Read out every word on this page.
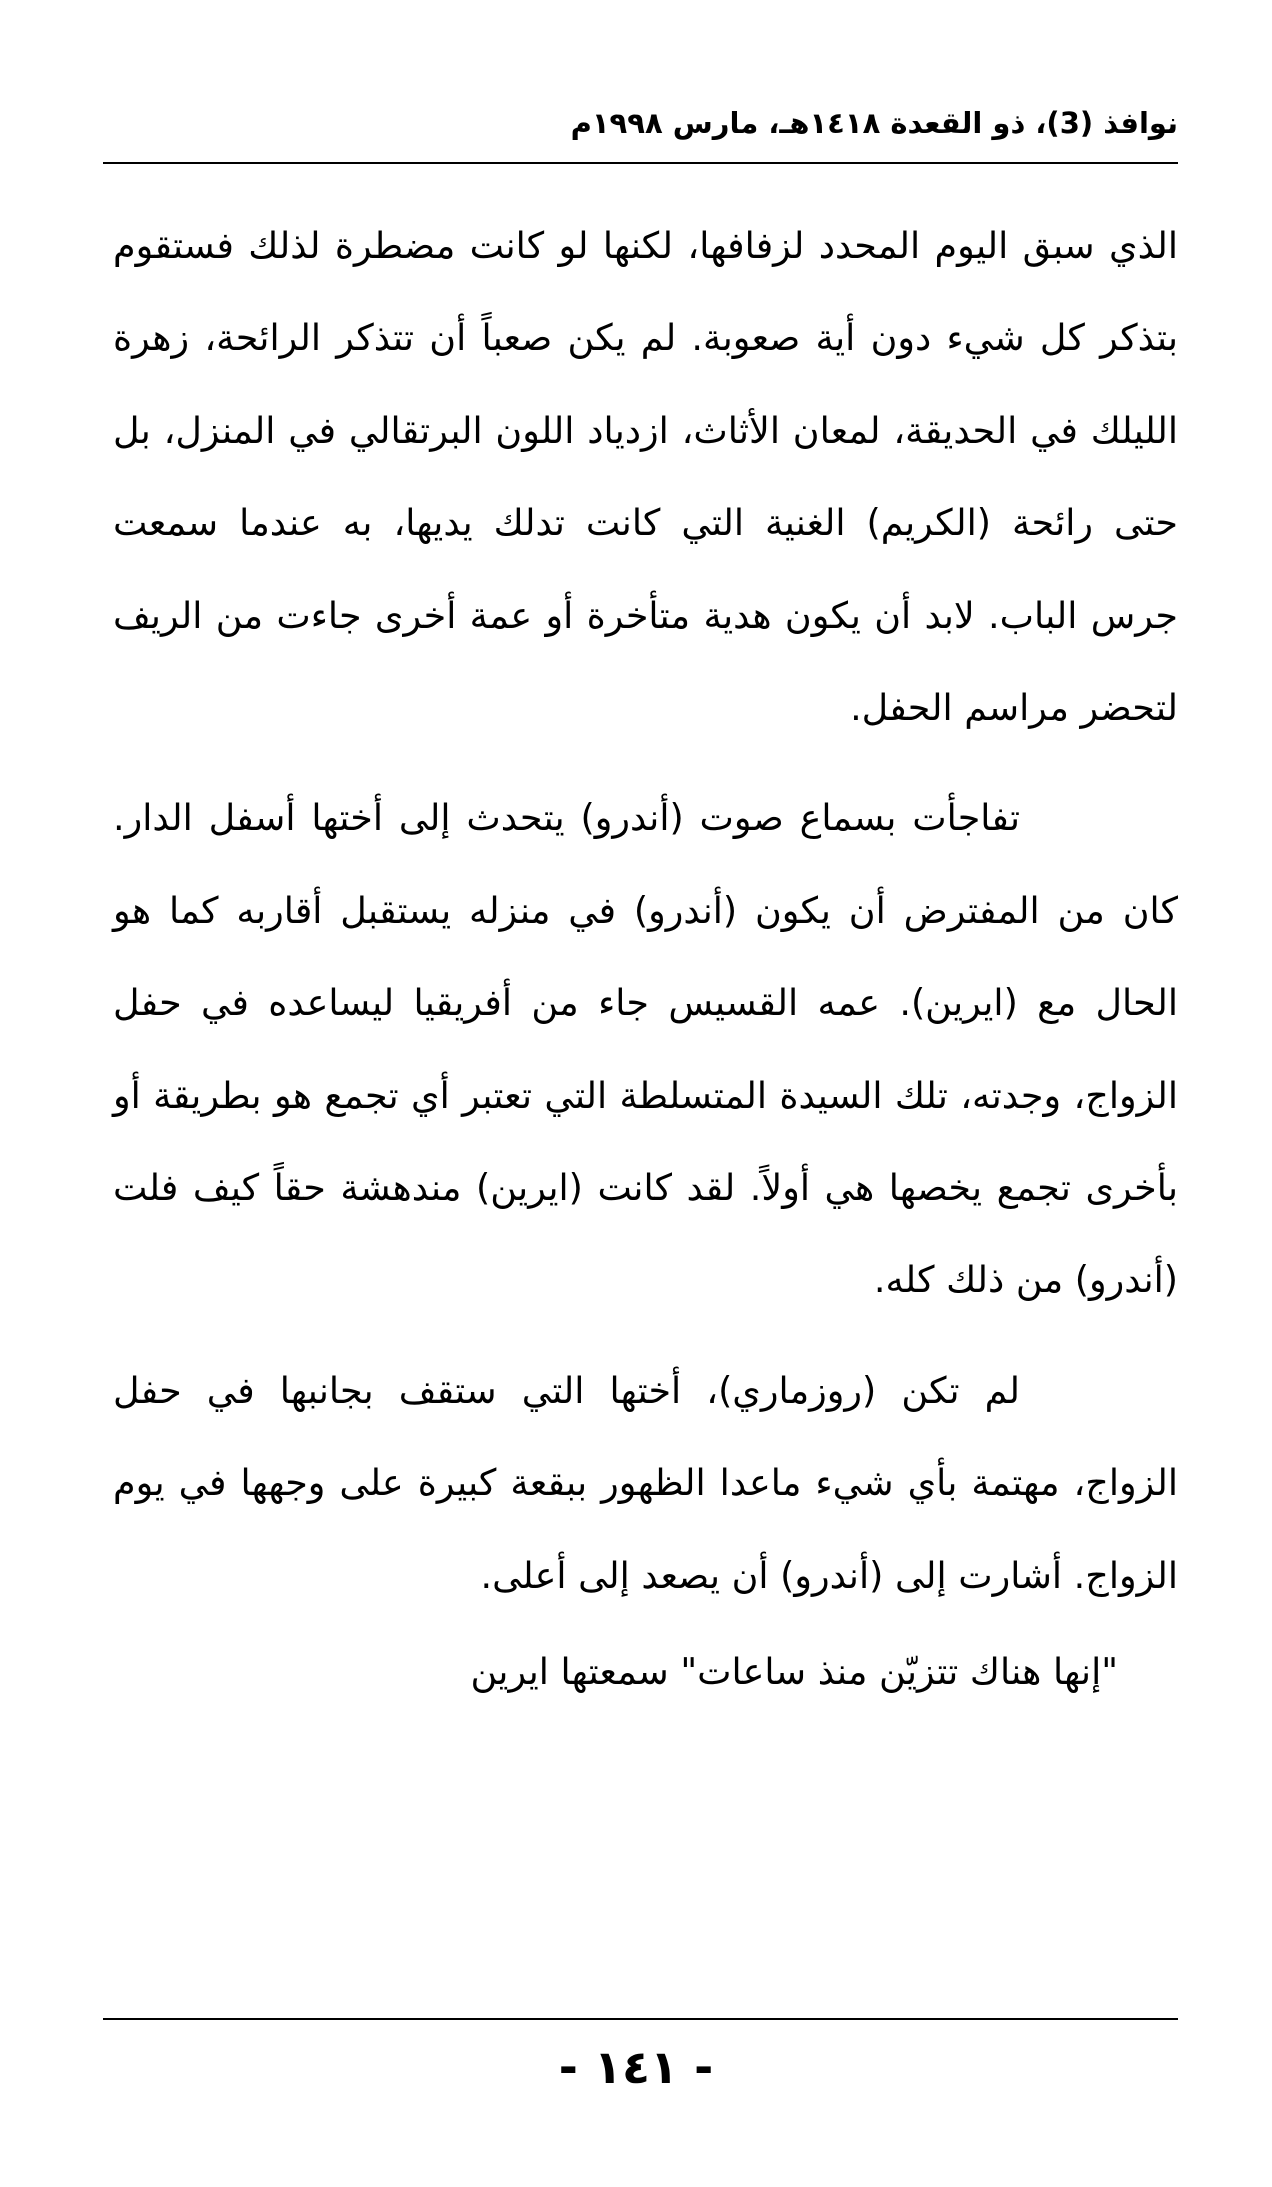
نوافذ (3)، ذو القعدة ١٤١٨هـ، مارس ١٩٩٨م

الذي سبق اليوم المحدد لزفافها، لكنها لو كانت مضطرة لذلك فستقوم بتذكر كل شيء دون أية صعوبة. لم يكن صعباً أن تتذكر الرائحة، زهرة الليلك في الحديقة، لمعان الأثاث، ازدياد اللون البرتقالي في المنزل، بل حتى رائحة (الكريم) الغنية التي كانت تدلك يديها، به عندما سمعت جرس الباب. لابد أن يكون هدية متأخرة أو عمة أخرى جاءت من الريف لتحضر مراسم الحفل.

تفاجأت بسماع صوت (أندرو) يتحدث إلى أختها أسفل الدار. كان من المفترض أن يكون (أندرو) في منزله يستقبل أقاربه كما هو الحال مع (ايرين). عمه القسيس جاء من أفريقيا ليساعده في حفل الزواج، وجدته، تلك السيدة المتسلطة التي تعتبر أي تجمع هو بطريقة أو بأخرى تجمع يخصها هي أولاً. لقد كانت (ايرين) مندهشة حقاً كيف فلت (أندرو) من ذلك كله.

لم تكن (روزماري)، أختها التي ستقف بجانبها في حفل الزواج، مهتمة بأي شيء ماعدا الظهور ببقعة كبيرة على وجهها في يوم الزواج. أشارت إلى (أندرو) أن يصعد إلى أعلى.

"إنها هناك تتزيّن منذ ساعات" سمعتها ايرين

- ١٤١ -
